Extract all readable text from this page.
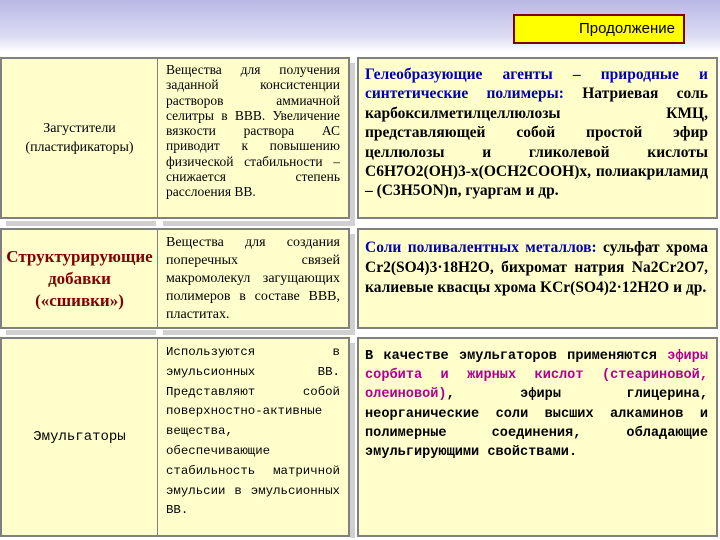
Продолжение
Загустители (пластификаторы)
Вещества для получения заданной консистенции растворов аммиачной селитры в ВВВ. Увеличение вязкости раствора АС приводит к повышению физической стабильности – снижается степень расслоения ВВ.
Гелеобразующие агенты – природные и синтетические полимеры: Натриевая соль карбоксилметилцеллюлозы КМЦ, представляющей собой простой эфир целлюлозы и гликолевой кислоты C6H7O2(OH)3-x(OCH2COOH)x, полиакриламид – (C3H5ON)n, гуаргам и др.
Структурирующие добавки («сшивки»)
Вещества для создания поперечных связей макромолекул загущающих полимеров в составе ВВВ, пластитах.
Соли поливалентных металлов: сульфат хрома Cr2(SO4)3·18H2O, бихромат натрия Na2Cr2O7, калиевые квасцы хрома KCr(SO4)2·12H2O и др.
Эмульгаторы
Используются в эмульсионных ВВ. Представляют собой поверхностно-активные вещества, обеспечивающие стабильность матричной эмульсии в эмульсионных ВВ.
В качестве эмульгаторов применяются эфиры сорбита и жирных кислот (стеариновой, олеиновой), эфиры глицерина, неорганические соли высших алкаминов и полимерные соединения, обладающие эмульгирующими свойствами.
